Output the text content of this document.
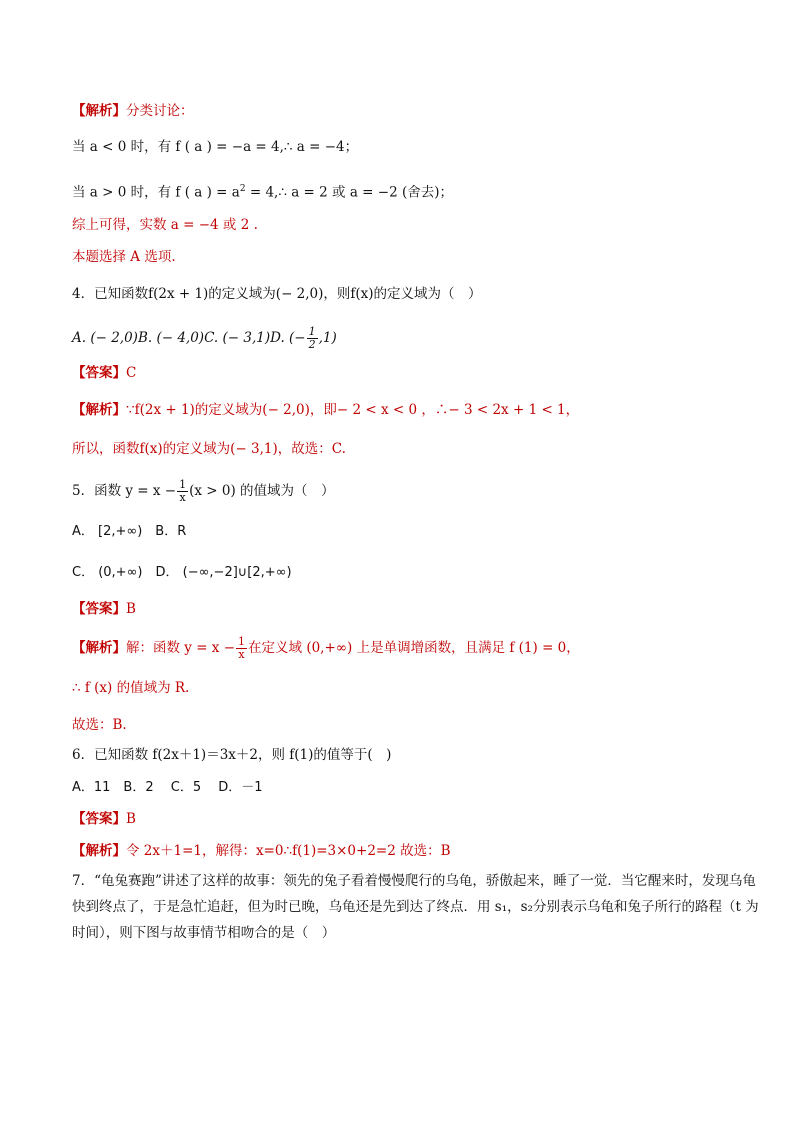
【解析】分类讨论：
当 a < 0 时，有 f ( a ) = −a = 4,∴ a = −4；
当 a > 0 时，有 f ( a ) = $a^2$ = 4,∴ a = 2 或 a = −2 (舍去)；
综上可得，实数 a = −4 或 2 .
本题选择 A 选项.
4．已知函数f(2x + 1)的定义域为(− 2,0)，则f(x)的定义域为（　）
A. (− 2,0)B. (− 4,0)C. (− 3,1)D. (− $\frac{1}{2} ,1$)
【答案】C
【解析】∵f(2x + 1)的定义域为(− 2,0)，即− 2 < x < 0 ，∴− 3 < 2x + 1 < 1，
所以，函数f(x)的定义域为(− 3,1)，故选：C.
5．函数 $y = x - \frac{1}{x} (x > 0)$ 的值域为（　）
A． [2,+∞)　B．R
C． (0,+∞)　D． (−∞,−2]∪[2,+∞)
【答案】B
【解析】解：函数 $y = x - \frac{1}{x}$ 在定义域 (0,+∞) 上是单调增函数，且满足 f (1) = 0，
∴ f (x) 的值域为 R.
故选：B.
6．已知函数 f(2x＋1)＝3x＋2，则 f(1)的值等于(　)
A．11　B．2　 C．5　 D．－1
【答案】B
【解析】令 2x＋1=1，解得：x=0∴f(1)=3×0+2=2 故选：B
7．“龟兔赛跑”讲述了这样的故事：领先的兔子看着慢慢爬行的乌龟，骄傲起来，睡了一觉．当它醒来时，发现乌龟快到终点了，于是急忙追赶，但为时已晚，乌龟还是先到达了终点．用 s₁，s₂分别表示乌龟和兔子所行的路程（t 为时间），则下图与故事情节相吻合的是（　）
